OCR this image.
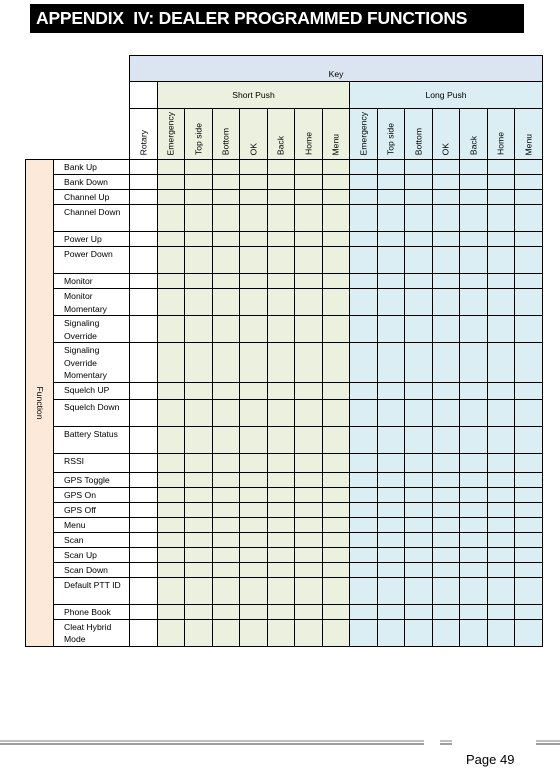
APPENDIX  IV: DEALER PROGRAMMED FUNCTIONS
		Key														
			Short Push							Long Push						

		Rotary	Emergency	Top side	Bottom	OK	Back	Home	Menu	Emergency	Top side	Bottom	OK	Back	Home	Menu

Function	Bank Up															
	Bank Down															
	Channel Up															
	Channel Down															
	Power Up															
	Power Down															
	Monitor															
	Monitor Momentary															
	Signaling Override															
	Signaling Override Momentary															
	Squelch UP															
	Squelch Down															
	Battery Status															
	RSSI															
	GPS Toggle															
	GPS On															
	GPS Off															
	Menu															
	Scan															
	Scan Up															
	Scan Down															
	Default PTT ID															
	Phone Book															
	Cleat Hybrid Mode															
Page 49
